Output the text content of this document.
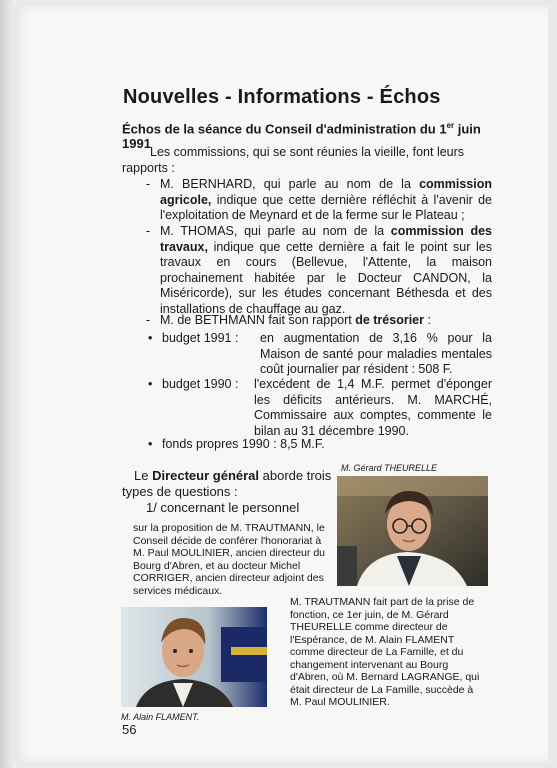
Nouvelles - Informations - Échos

Échos de la séance du Conseil d'administration du 1er juin 1991

Les commissions, qui se sont réunies la vieille, font leurs rapports :

- M. BERNHARD, qui parle au nom de la commission agricole, indique que cette dernière réfléchit à l'avenir de l'exploitation de Meynard et de la ferme sur le Plateau ;
- M. THOMAS, qui parle au nom de la commission des travaux, indique que cette dernière a fait le point sur les travaux en cours (Bellevue, l'Attente, la maison prochainement habitée par le Docteur CANDON, la Miséricorde), sur les études concernant Béthesda et des installations de chauffage au gaz.
- M. de BETHMANN fait son rapport de trésorier :
• budget 1991 : en augmentation de 3,16 % pour la Maison de santé pour maladies mentales coût journalier par résident : 508 F.
• budget 1990 : l'excédent de 1,4 M.F. permet d'éponger les déficits antérieurs. M. MARCHÉ, Commissaire aux comptes, commente le bilan au 31 décembre 1990.
• fonds propres 1990 : 8,5 M.F.

Le Directeur général aborde trois types de questions :

1/ concernant le personnel

sur la proposition de M. TRAUTMANN, le Conseil décide de conférer l'honorariat à M. Paul MOULINIER, ancien directeur du Bourg d'Abren, et au docteur Michel CORRIGER, ancien directeur adjoint des services médicaux.

M. Gérard THEURELLE

M. TRAUTMANN fait part de la prise de fonction, ce 1er juin, de M. Gérard THEURELLE comme directeur de l'Espérance, de M. Alain FLAMENT comme directeur de La Famille, et du changement intervenant au Bourg d'Abren, où M. Bernard LAGRANGE, qui était directeur de La Famille, succède à M. Paul MOULINIER.

M. Alain FLAMENT.

56
